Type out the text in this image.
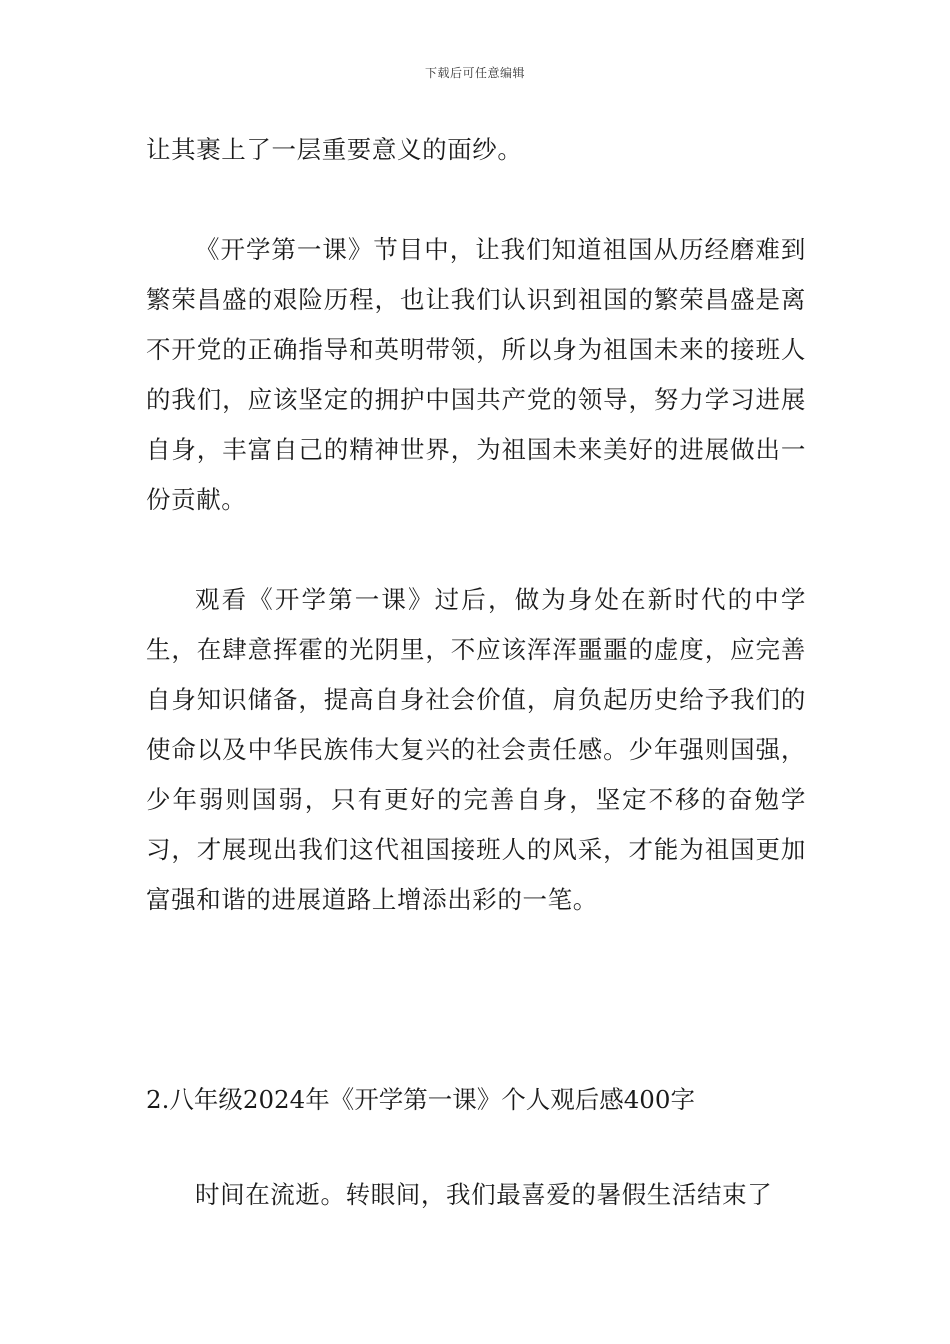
下载后可任意编辑

让其裹上了一层重要意义的面纱。

《开学第一课》节目中，让我们知道祖国从历经磨难到繁荣昌盛的艰险历程，也让我们认识到祖国的繁荣昌盛是离不开党的正确指导和英明带领，所以身为祖国未来的接班人的我们，应该坚定的拥护中国共产党的领导，努力学习进展自身，丰富自己的精神世界，为祖国未来美好的进展做出一份贡献。

观看《开学第一课》过后，做为身处在新时代的中学生，在肆意挥霍的光阴里，不应该浑浑噩噩的虚度，应完善自身知识储备，提高自身社会价值，肩负起历史给予我们的使命以及中华民族伟大复兴的社会责任感。少年强则国强，少年弱则国弱，只有更好的完善自身，坚定不移的奋勉学习，才展现出我们这代祖国接班人的风采，才能为祖国更加富强和谐的进展道路上增添出彩的一笔。

2.八年级2024年《开学第一课》个人观后感400字

时间在流逝。转眼间，我们最喜爱的暑假生活结束了
